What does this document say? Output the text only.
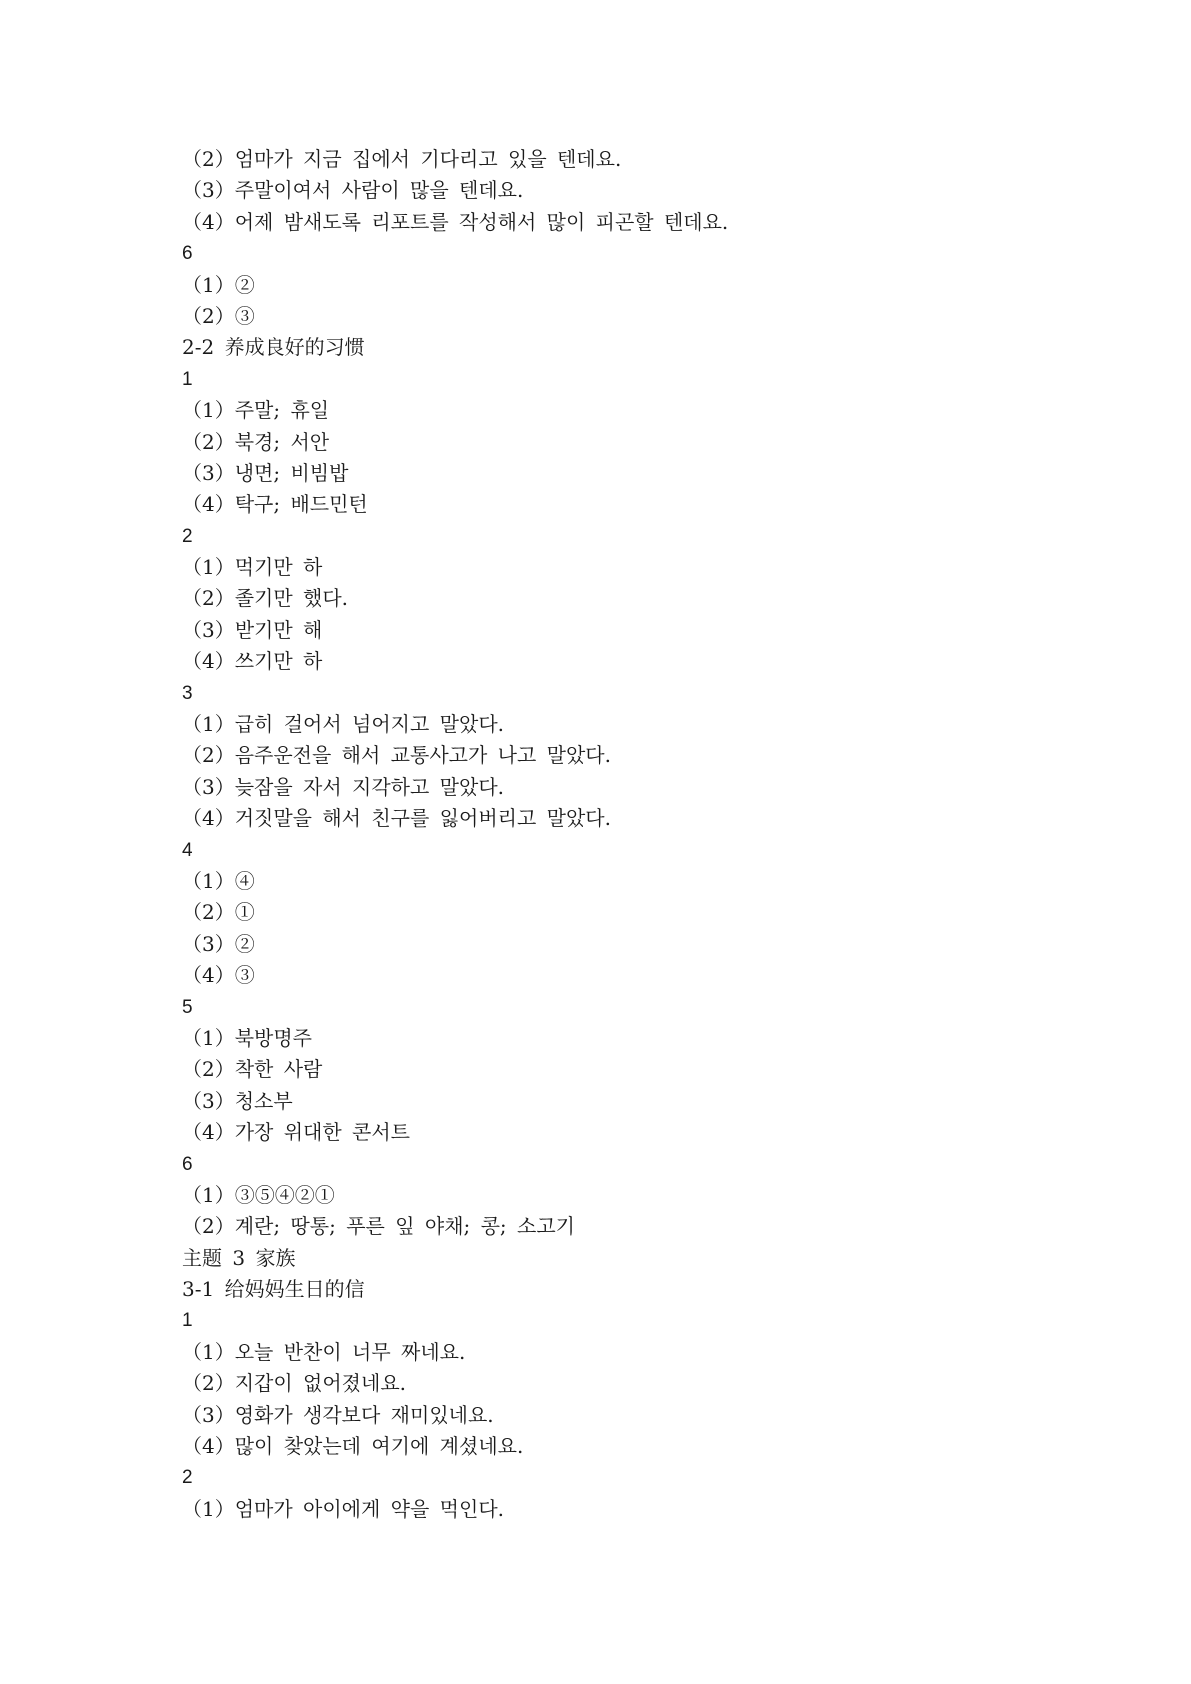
（2）엄마가 지금 집에서 기다리고 있을 텐데요.
（3）주말이여서 사람이 많을 텐데요.
（4）어제 밤새도록 리포트를 작성해서 많이 피곤할 텐데요.
6
（1）②
（2）③
2-2 养成良好的习惯
1
（1）주말; 휴일
（2）북경; 서안
（3）냉면; 비빔밥
（4）탁구; 배드민턴
2
（1）먹기만 하
（2）졸기만 했다.
（3）받기만 해
（4）쓰기만 하
3
（1）급히 걸어서 넘어지고 말았다.
（2）음주운전을 해서 교통사고가 나고 말았다.
（3）늦잠을 자서 지각하고 말았다.
（4）거짓말을 해서 친구를 잃어버리고 말았다.
4
（1）④
（2）①
（3）②
（4）③
5
（1）북방명주
（2）착한 사람
（3）청소부
（4）가장 위대한 콘서트
6
（1）③⑤④②①
（2）계란; 땅통; 푸른 잎 야채; 콩; 소고기
主题 3 家族
3-1 给妈妈生日的信
1
（1）오늘 반찬이 너무 짜네요.
（2）지갑이 없어졌네요.
（3）영화가 생각보다 재미있네요.
（4）많이 찾았는데 여기에 계셨네요.
2
（1）엄마가 아이에게 약을 먹인다.
